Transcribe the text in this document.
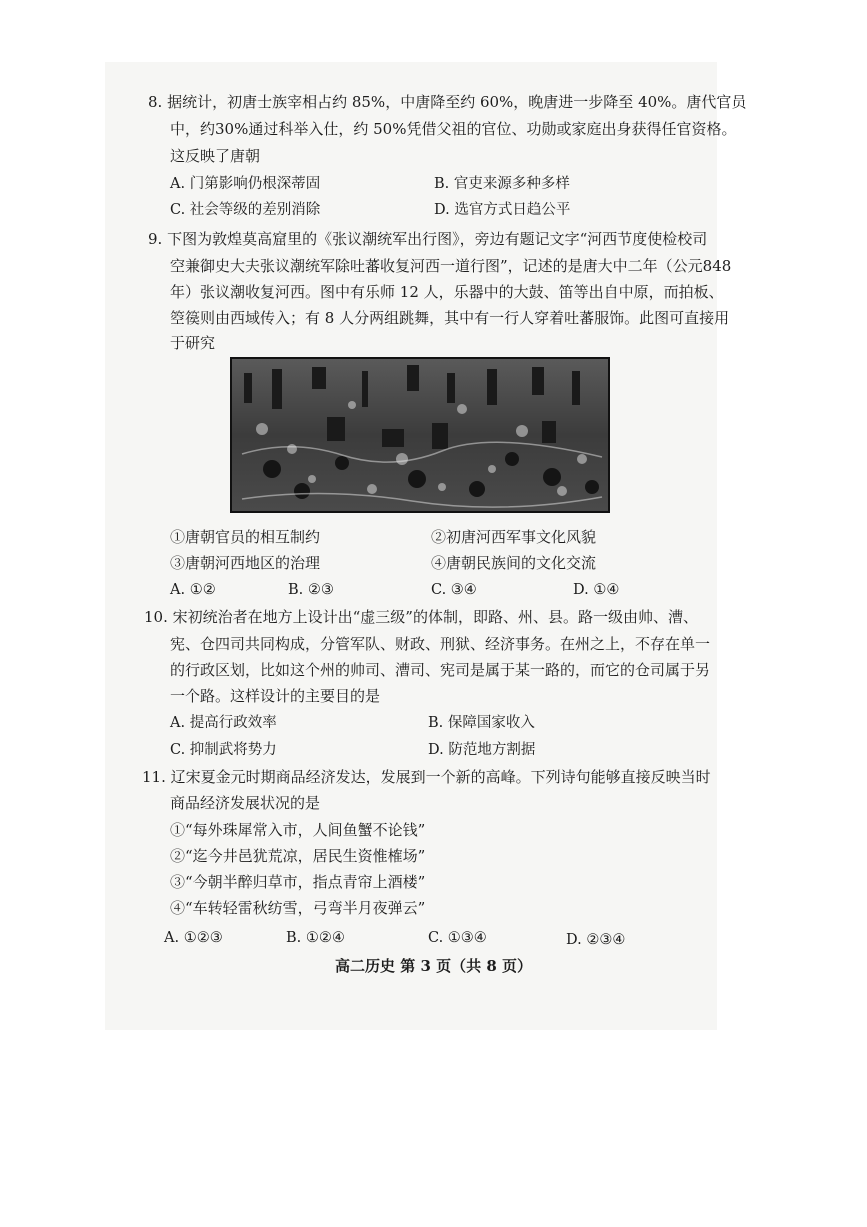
8. 据统计，初唐士族宰相占约 85%，中唐降至约 60%，晚唐进一步降至 40%。唐代官员
中，约30%通过科举入仕，约 50%凭借父祖的官位、功勋或家庭出身获得任官资格。
这反映了唐朝
A. 门第影响仍根深蒂固	B. 官吏来源多种多样
C. 社会等级的差别消除	D. 选官方式日趋公平
9. 下图为敦煌莫高窟里的《张议潮统军出行图》，旁边有题记文字“河西节度使检校司
空兼御史大夫张议潮统军除吐蕃收复河西一道行图”，记述的是唐大中二年（公元848
年）张议潮收复河西。图中有乐师 12 人，乐器中的大鼓、笛等出自中原，而拍板、
箜篌则由西域传入；有 8 人分两组跳舞，其中有一行人穿着吐蕃服饰。此图可直接用
于研究
①唐朝官员的相互制约	②初唐河西军事文化风貌
③唐朝河西地区的治理	④唐朝民族间的文化交流
A. ①②	B. ②③	C. ③④	D. ①④
10. 宋初统治者在地方上设计出“虚三级”的体制，即路、州、县。路一级由帅、漕、
宪、仓四司共同构成，分管军队、财政、刑狱、经济事务。在州之上，不存在单一
的行政区划，比如这个州的帅司、漕司、宪司是属于某一路的，而它的仓司属于另
一个路。这样设计的主要目的是
A. 提高行政效率	B. 保障国家收入
C. 抑制武将势力	D. 防范地方割据
11. 辽宋夏金元时期商品经济发达，发展到一个新的高峰。下列诗句能够直接反映当时
商品经济发展状况的是
①“每外珠犀常入市，人间鱼蟹不论钱”
②“迄今井邑犹荒凉，居民生资惟榷场”
③“今朝半醉归草市，指点青帘上酒楼”
④“车转轻雷秋纺雪，弓弯半月夜弹云”
A. ①②③	B. ①②④	C. ①③④	D. ②③④
高二历史 第 3 页（共 8 页）
